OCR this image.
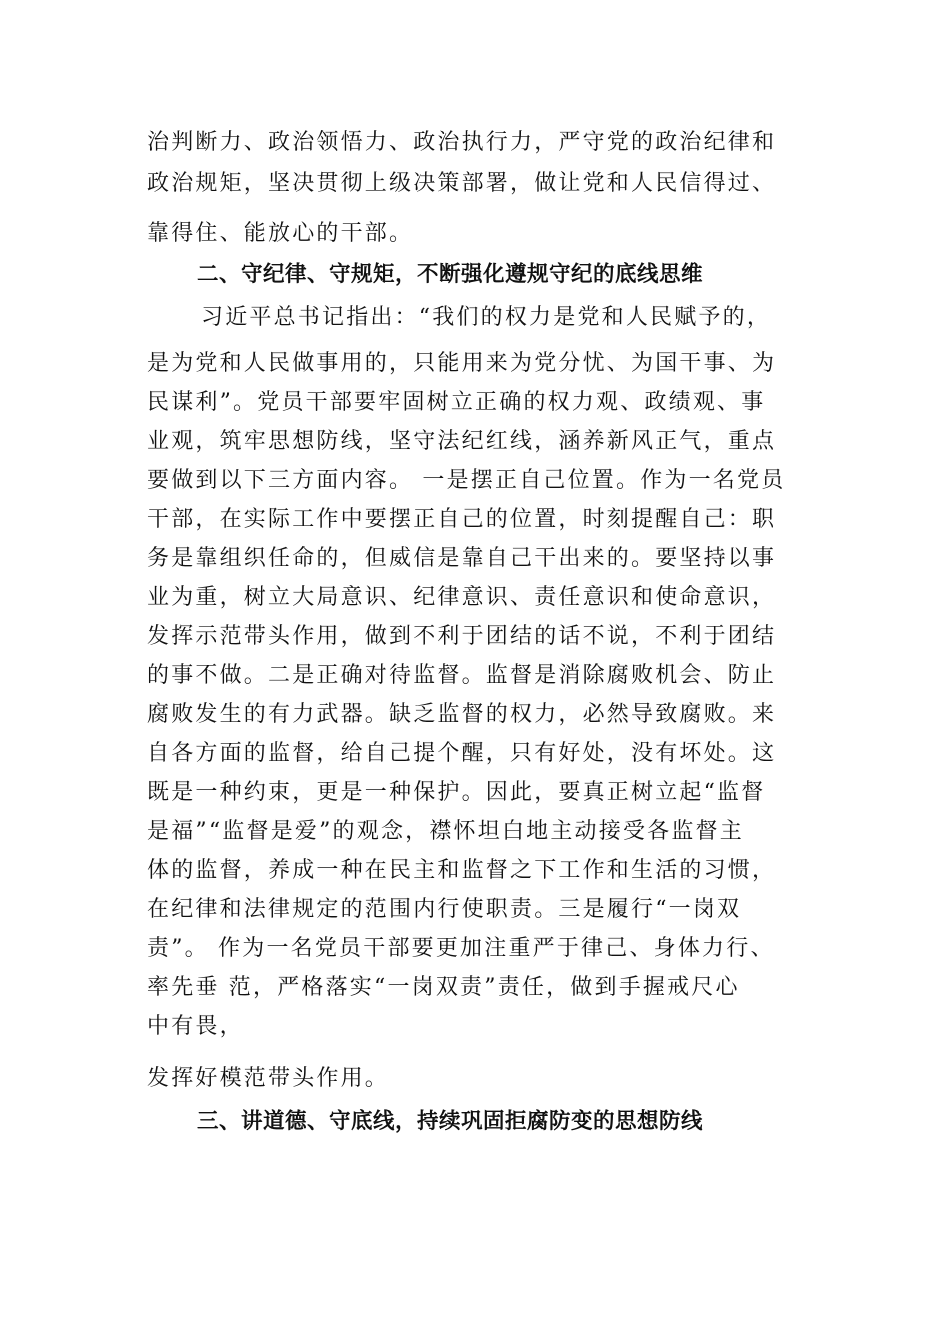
治判断力、政治领悟力、政治执行力，严守党的政治纪律和
政治规矩，坚决贯彻上级决策部署，做让党和人民信得过、
靠得住、能放心的干部。
二、守纪律、守规矩，不断强化遵规守纪的底线思维
习近平总书记指出：“我们的权力是党和人民赋予的，
是为党和人民做事用的，只能用来为党分忧、为国干事、为
民谋利”。党员干部要牢固树立正确的权力观、政绩观、事
业观，筑牢思想防线，坚守法纪红线，涵养新风正气，重点
要做到以下三方面内容。 一是摆正自己位置。作为一名党员
干部，在实际工作中要摆正自己的位置，时刻提醒自己：职
务是靠组织任命的，但威信是靠自己干出来的。要坚持以事
业为重，树立大局意识、纪律意识、责任意识和使命意识，
发挥示范带头作用，做到不利于团结的话不说，不利于团结
的事不做。二是正确对待监督。监督是消除腐败机会、防止
腐败发生的有力武器。缺乏监督的权力，必然导致腐败。来
自各方面的监督，给自己提个醒，只有好处，没有坏处。这
既是一种约束，更是一种保护。因此，要真正树立起“监督
是福”“监督是爱”的观念，襟怀坦白地主动接受各监督主
体的监督，养成一种在民主和监督之下工作和生活的习惯，
在纪律和法律规定的范围内行使职责。三是履行“一岗双
责”。 作为一名党员干部要更加注重严于律己、身体力行、
率先垂 范，严格落实“一岗双责”责任，做到手握戒尺心
中有畏，
发挥好模范带头作用。
三、讲道德、守底线，持续巩固拒腐防变的思想防线
